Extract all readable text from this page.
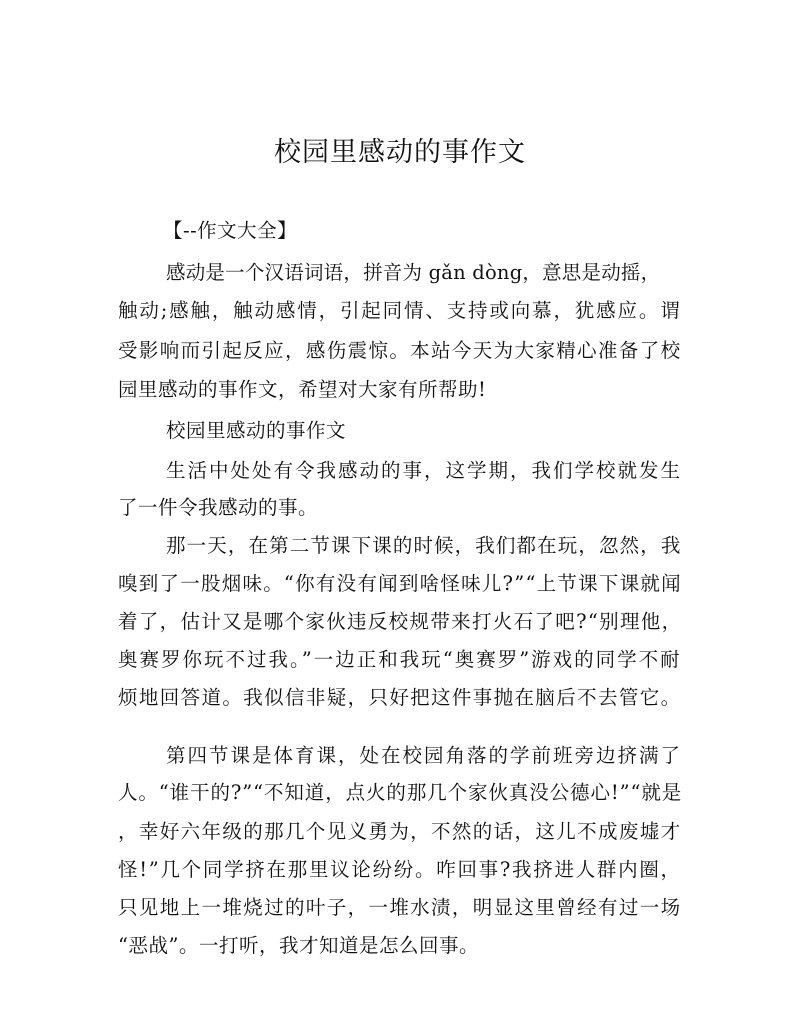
校园里感动的事作文
【--作文大全】
感动是一个汉语词语，拼音为 gǎn dòng，意思是动摇，
触动;感触，触动感情，引起同情、支持或向慕，犹感应。谓
受影响而引起反应，感伤震惊。本站今天为大家精心准备了校
园里感动的事作文，希望对大家有所帮助!
校园里感动的事作文
生活中处处有令我感动的事，这学期，我们学校就发生
了一件令我感动的事。
那一天，在第二节课下课的时候，我们都在玩，忽然，我
嗅到了一股烟味。“你有没有闻到啥怪味儿?”“上节课下课就闻
着了，估计又是哪个家伙违反校规带来打火石了吧?“别理他，
奥赛罗你玩不过我。”一边正和我玩“奥赛罗”游戏的同学不耐
烦地回答道。我似信非疑，只好把这件事抛在脑后不去管它。
第四节课是体育课，处在校园角落的学前班旁边挤满了
人。“谁干的?”“不知道，点火的那几个家伙真没公德心!”“就是
，幸好六年级的那几个见义勇为，不然的话，这儿不成废墟才
怪!”几个同学挤在那里议论纷纷。咋回事?我挤进人群内圈，
只见地上一堆烧过的叶子，一堆水渍，明显这里曾经有过一场
“恶战”。一打听，我才知道是怎么回事。
